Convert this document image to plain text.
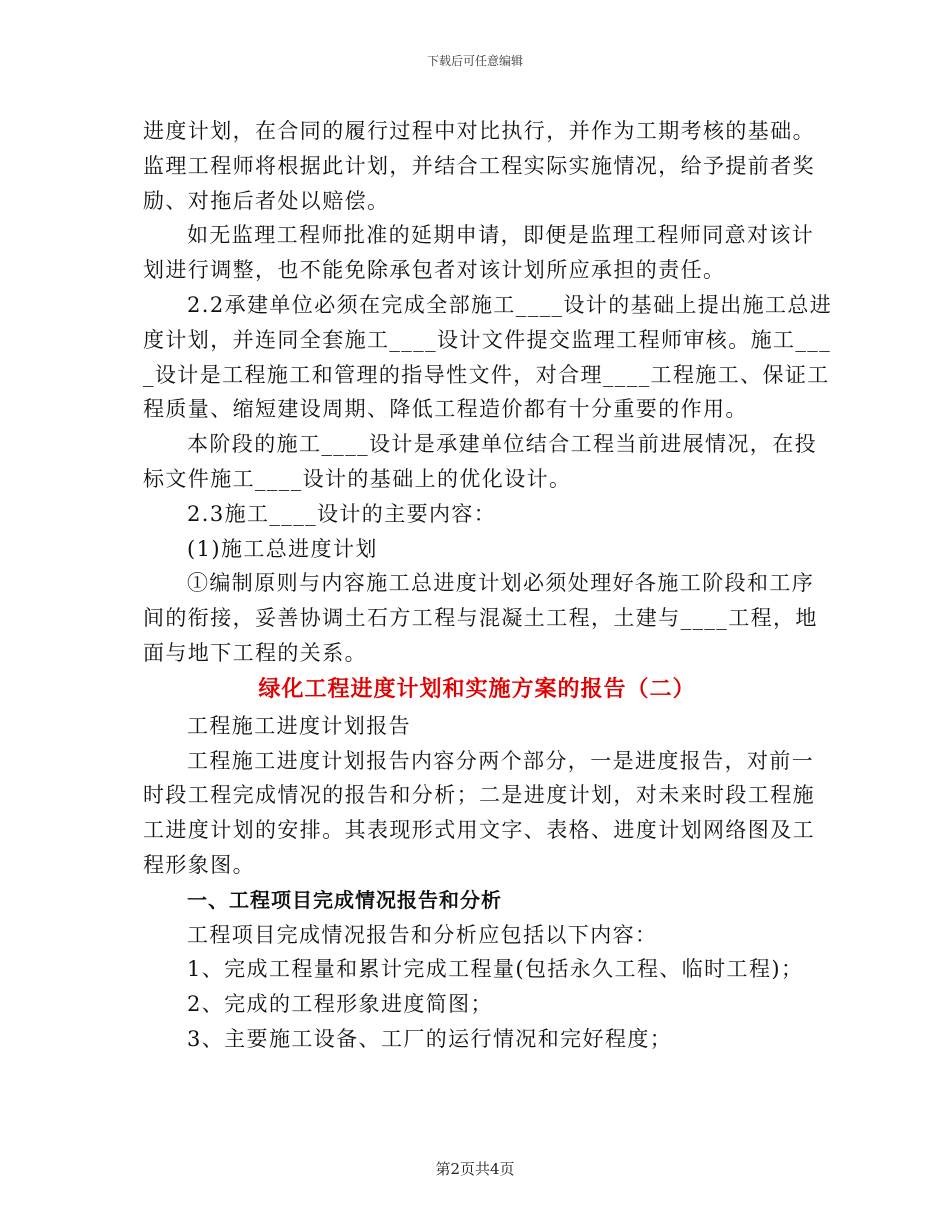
下载后可任意编辑

进度计划，在合同的履行过程中对比执行，并作为工期考核的基础。

监理工程师将根据此计划，并结合工程实际实施情况，给予提前者奖

励、对拖后者处以赔偿。

如无监理工程师批准的延期申请，即便是监理工程师同意对该计

划进行调整，也不能免除承包者对该计划所应承担的责任。

2.2承建单位必须在完成全部施工____设计的基础上提出施工总进

度计划，并连同全套施工____设计文件提交监理工程师审核。施工___

_设计是工程施工和管理的指导性文件，对合理____工程施工、保证工

程质量、缩短建设周期、降低工程造价都有十分重要的作用。

本阶段的施工____设计是承建单位结合工程当前进展情况，在投

标文件施工____设计的基础上的优化设计。

2.3施工____设计的主要内容：

(1)施工总进度计划

①编制原则与内容施工总进度计划必须处理好各施工阶段和工序

间的衔接，妥善协调土石方工程与混凝土工程，土建与____工程，地

面与地下工程的关系。

绿化工程进度计划和实施方案的报告（二）

工程施工进度计划报告

工程施工进度计划报告内容分两个部分，一是进度报告，对前一

时段工程完成情况的报告和分析；二是进度计划，对未来时段工程施

工进度计划的安排。其表现形式用文字、表格、进度计划网络图及工

程形象图。

一、工程项目完成情况报告和分析

工程项目完成情况报告和分析应包括以下内容：

1、完成工程量和累计完成工程量(包括永久工程、临时工程)；

2、完成的工程形象进度简图；

3、主要施工设备、工厂的运行情况和完好程度；

第2页共4页
